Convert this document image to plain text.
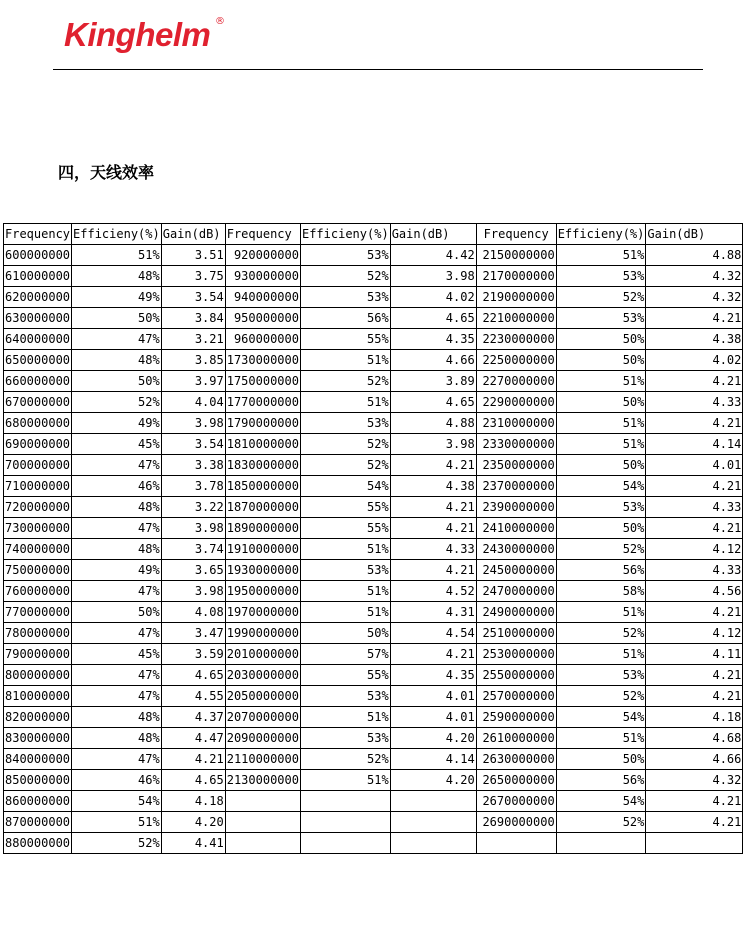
Kinghelm ®
四，天线效率
Frequency	Efficieny(%)	Gain(dB)	Frequency	Efficieny(%)	Gain(dB)	Frequency	Efficieny(%)	Gain(dB)
600000000	51%	3.51	920000000	53%	4.42	2150000000	51%	4.88
610000000	48%	3.75	930000000	52%	3.98	2170000000	53%	4.32
620000000	49%	3.54	940000000	53%	4.02	2190000000	52%	4.32
630000000	50%	3.84	950000000	56%	4.65	2210000000	53%	4.21
640000000	47%	3.21	960000000	55%	4.35	2230000000	50%	4.38
650000000	48%	3.85	1730000000	51%	4.66	2250000000	50%	4.02
660000000	50%	3.97	1750000000	52%	3.89	2270000000	51%	4.21
670000000	52%	4.04	1770000000	51%	4.65	2290000000	50%	4.33
680000000	49%	3.98	1790000000	53%	4.88	2310000000	51%	4.21
690000000	45%	3.54	1810000000	52%	3.98	2330000000	51%	4.14
700000000	47%	3.38	1830000000	52%	4.21	2350000000	50%	4.01
710000000	46%	3.78	1850000000	54%	4.38	2370000000	54%	4.21
720000000	48%	3.22	1870000000	55%	4.21	2390000000	53%	4.33
730000000	47%	3.98	1890000000	55%	4.21	2410000000	50%	4.21
740000000	48%	3.74	1910000000	51%	4.33	2430000000	52%	4.12
750000000	49%	3.65	1930000000	53%	4.21	2450000000	56%	4.33
760000000	47%	3.98	1950000000	51%	4.52	2470000000	58%	4.56
770000000	50%	4.08	1970000000	51%	4.31	2490000000	51%	4.21
780000000	47%	3.47	1990000000	50%	4.54	2510000000	52%	4.12
790000000	45%	3.59	2010000000	57%	4.21	2530000000	51%	4.11
800000000	47%	4.65	2030000000	55%	4.35	2550000000	53%	4.21
810000000	47%	4.55	2050000000	53%	4.01	2570000000	52%	4.21
820000000	48%	4.37	2070000000	51%	4.01	2590000000	54%	4.18
830000000	48%	4.47	2090000000	53%	4.20	2610000000	51%	4.68
840000000	47%	4.21	2110000000	52%	4.14	2630000000	50%	4.66
850000000	46%	4.65	2130000000	51%	4.20	2650000000	56%	4.32
860000000	54%	4.18				2670000000	54%	4.21
870000000	51%	4.20				2690000000	52%	4.21
880000000	52%	4.41						
